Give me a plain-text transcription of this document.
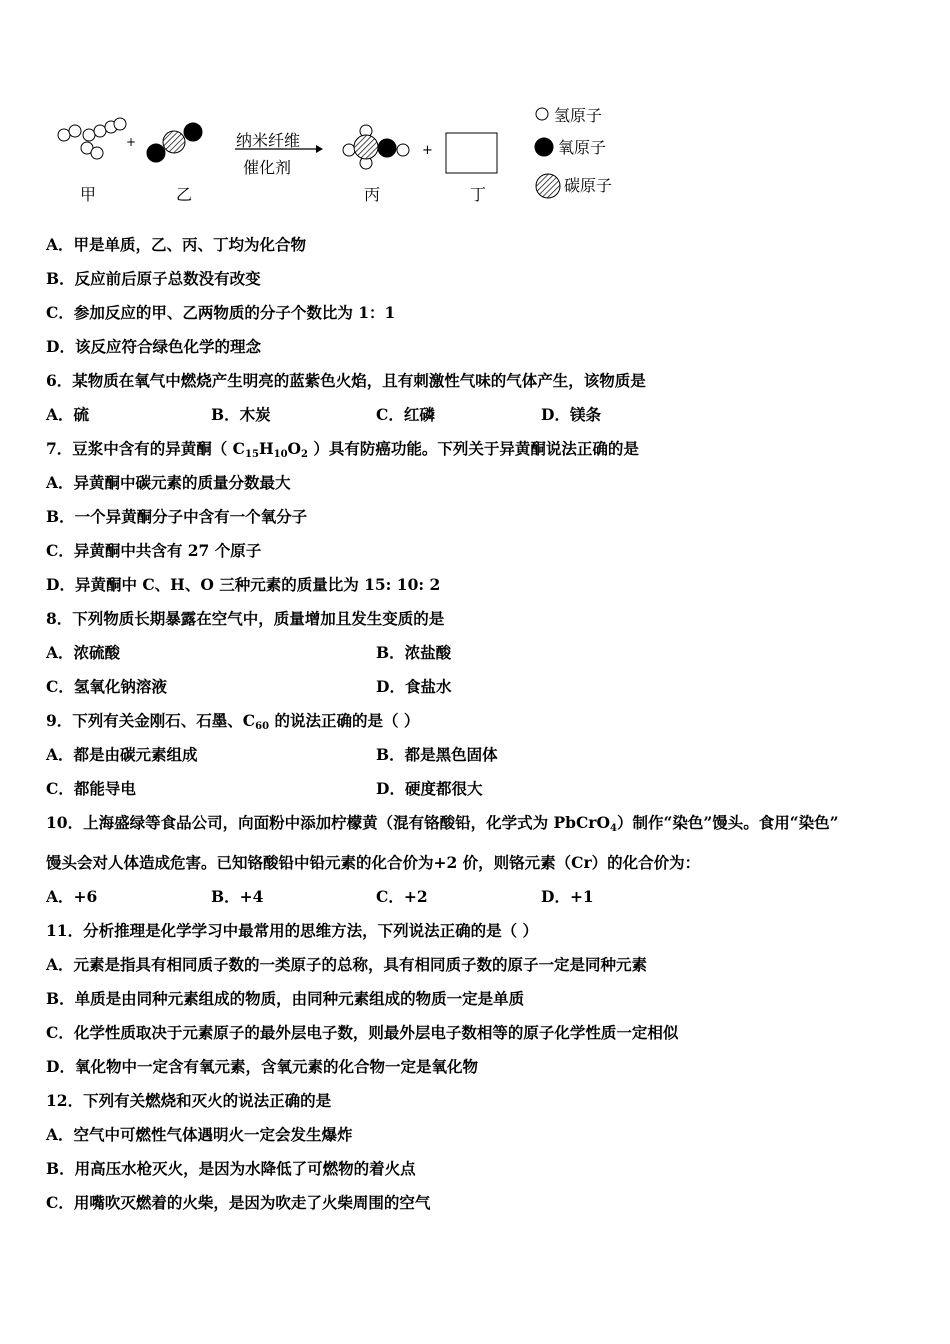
纳米纤维
催化剂
+
+
甲	乙	丙	丁
氢原子
氧原子
碳原子
A．甲是单质，乙、丙、丁均为化合物
B．反应前后原子总数没有改变
C．参加反应的甲、乙两物质的分子个数比为 1：1
D．该反应符合绿色化学的理念
6．某物质在氧气中燃烧产生明亮的蓝紫色火焰，且有刺激性气味的气体产生，该物质是
A．硫	B．木炭	C．红磷	D．镁条
7．豆浆中含有的异黄酮（ $C_{15}H_{10}O_2$ ）具有防癌功能。下列关于异黄酮说法正确的是
A．异黄酮中碳元素的质量分数最大
B．一个异黄酮分子中含有一个氧分子
C．异黄酮中共含有 27 个原子
D．异黄酮中 C、H、O 三种元素的质量比为 15: 10: 2
8．下列物质长期暴露在空气中，质量增加且发生变质的是
A．浓硫酸	B．浓盐酸
C．氢氧化钠溶液	D．食盐水
9．下列有关金刚石、石墨、$C_{60}$ 的说法正确的是（ ）
A．都是由碳元素组成	B．都是黑色固体
C．都能导电	D．硬度都很大
10．上海盛绿等食品公司，向面粉中添加柠檬黄（混有铬酸铅，化学式为 PbCrO$_4$）制作“染色”馒头。食用“染色”
馒头会对人体造成危害。已知铬酸铅中铅元素的化合价为+2 价，则铬元素（Cr）的化合价为：
A．+6	B．+4	C．+2	D．+1
11．分析推理是化学学习中最常用的思维方法，下列说法正确的是（ ）
A．元素是指具有相同质子数的一类原子的总称，具有相同质子数的原子一定是同种元素
B．单质是由同种元素组成的物质，由同种元素组成的物质一定是单质
C．化学性质取决于元素原子的最外层电子数，则最外层电子数相等的原子化学性质一定相似
D．氧化物中一定含有氧元素，含氧元素的化合物一定是氧化物
12．下列有关燃烧和灭火的说法正确的是
A．空气中可燃性气体遇明火一定会发生爆炸
B．用高压水枪灭火，是因为水降低了可燃物的着火点
C．用嘴吹灭燃着的火柴，是因为吹走了火柴周围的空气
